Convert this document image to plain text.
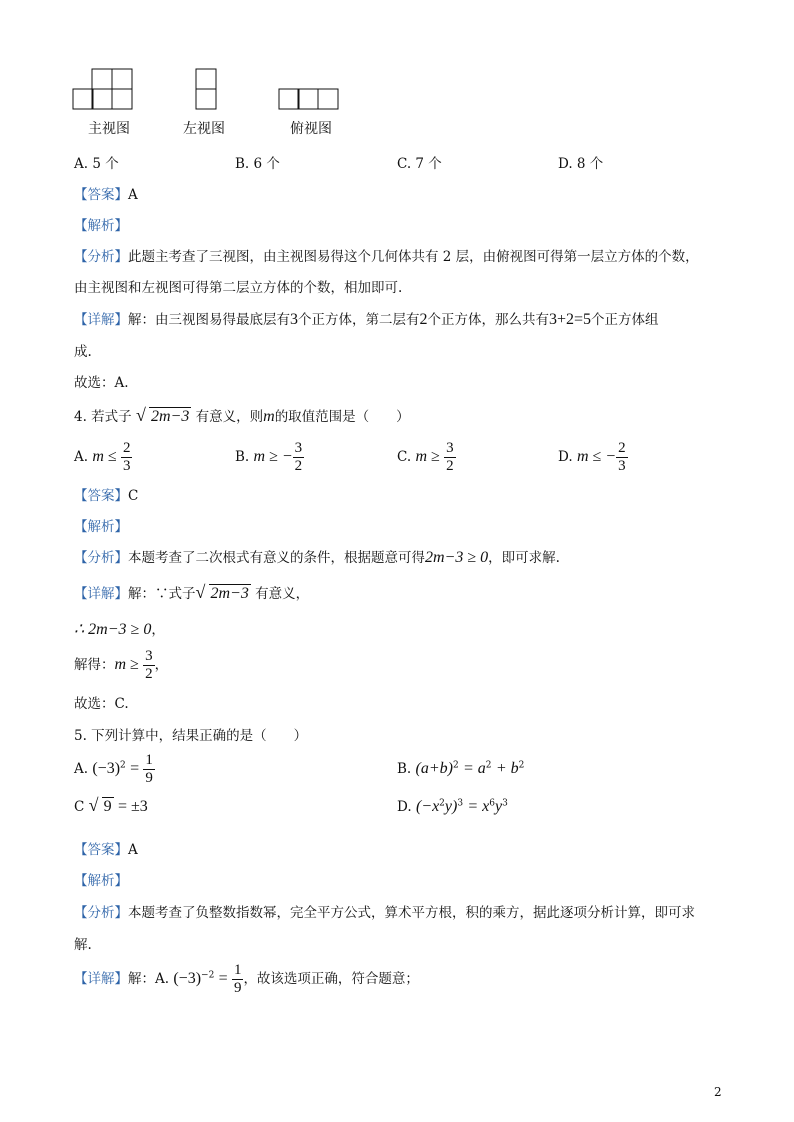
主视图	左视图	俯视图
A. 5 个	B. 6 个	C. 7 个	D. 8 个
【答案】A
【解析】
【分析】此题主考查了三视图，由主视图易得这个几何体共有 2 层，由俯视图可得第一层立方体的个数，
由主视图和左视图可得第二层立方体的个数，相加即可.
【详解】解：由三视图易得最底层有3个正方体，第二层有2个正方体，那么共有3+2=5个正方体组
成.
故选：A.
4. 若式子 √ 2m−3 有意义，则m的取值范围是（　　）
A. $m \le \frac{2}{3}$	B. m ≥ − $\frac{3}{2}$	C. $m \ge \frac{3}{2}$	D. m ≤ − $\frac{2}{3}$
【答案】C
【解析】
【分析】本题考查了二次根式有意义的条件，根据题意可得2m−3 ≥ 0，即可求解.
【详解】解：∵式子 √ 2m−3 有意义，
∴ 2m−3 ≥ 0，
解得：$m \ge \frac{3}{2}$ ，
故选：C.
5. 下列计算中，结果正确的是（　　）
A. $(-3)^2 = \frac{1}{9}$	B. $(a+b)^2 = a^2 + b^2$
C √ 9 = ±3	D. $(-x^2y)^3 = x^6y^3$
【答案】A
【解析】
【分析】本题考查了负整数指数幂，完全平方公式，算术平方根，积的乘方，据此逐项分析计算，即可求
解.
【详解】解：A. $(-3)^{-2} = \frac{1}{9}$ ，故该选项正确，符合题意；
2
